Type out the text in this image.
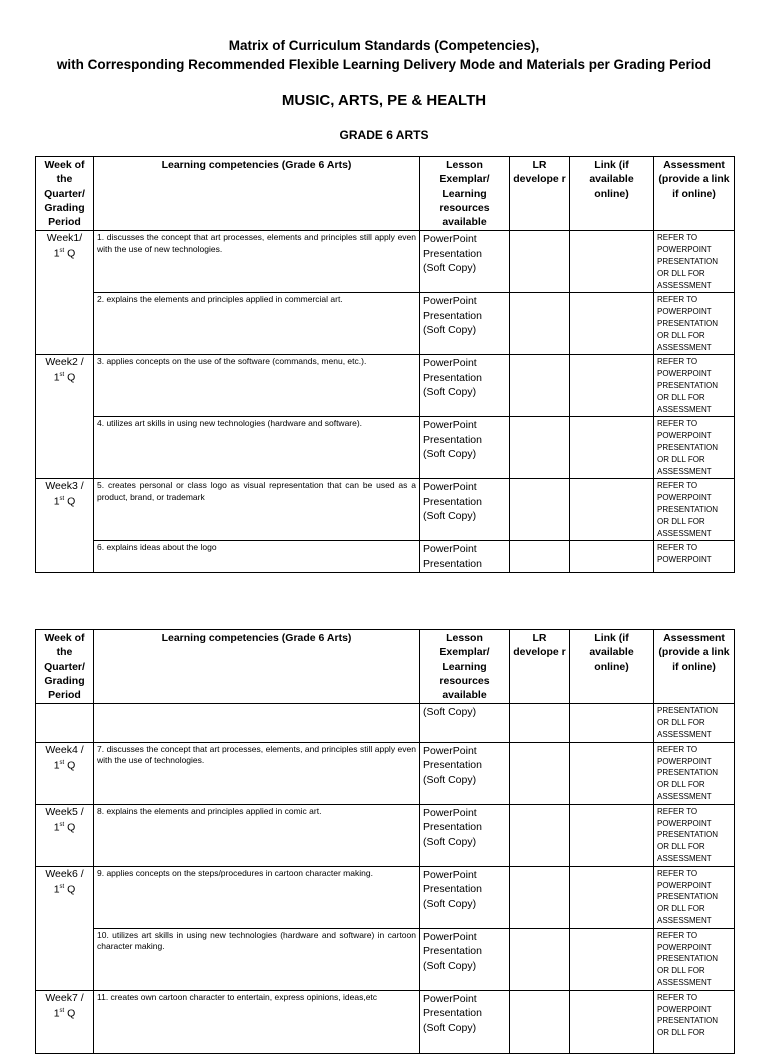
Matrix of Curriculum Standards (Competencies),
with Corresponding Recommended Flexible Learning Delivery Mode and Materials per Grading Period
MUSIC, ARTS, PE & HEALTH
GRADE 6 ARTS
Week of the Quarter/ Grading Period	Learning competencies (Grade 6 Arts)	Lesson Exemplar/ Learning resources available	LR develope r	Link (if available online)	Assessment (provide a link if online)
Week1/
1st Q	1. discusses the concept that art processes, elements and principles still apply even with the use of new technologies.	PowerPoint
Presentation
(Soft Copy)			REFER TO
POWERPOINT
PRESENTATION
OR DLL FOR
ASSESSMENT
	2. explains the elements and principles applied in commercial art.	PowerPoint
Presentation
(Soft Copy)			REFER TO
POWERPOINT
PRESENTATION
OR DLL FOR
ASSESSMENT
Week2 /
1st Q	3. applies concepts on the use of the software (commands, menu, etc.).	PowerPoint
Presentation
(Soft Copy)			REFER TO
POWERPOINT
PRESENTATION
OR DLL FOR
ASSESSMENT
	4. utilizes art skills in using new technologies (hardware and software).	PowerPoint
Presentation
(Soft Copy)			REFER TO
POWERPOINT
PRESENTATION
OR DLL FOR
ASSESSMENT
Week3 /
1st Q	5. creates personal or class logo as visual representation that can be used as a product, brand, or trademark	PowerPoint
Presentation
(Soft Copy)			REFER TO
POWERPOINT
PRESENTATION
OR DLL FOR
ASSESSMENT
	6. explains ideas about the logo	PowerPoint
Presentation			REFER TO
POWERPOINT
Week of the Quarter/ Grading Period	Learning competencies (Grade 6 Arts)	Lesson Exemplar/ Learning resources available	LR develope r	Link (if available online)	Assessment (provide a link if online)
		(Soft Copy)			PRESENTATION
OR DLL FOR
ASSESSMENT
Week4 /
1st Q	7. discusses the concept that art processes, elements, and principles still apply even with the use of technologies.	PowerPoint
Presentation
(Soft Copy)			REFER TO
POWERPOINT
PRESENTATION
OR DLL FOR
ASSESSMENT
Week5 /
1st Q	8. explains the elements and principles applied in comic art.	PowerPoint
Presentation
(Soft Copy)			REFER TO
POWERPOINT
PRESENTATION
OR DLL FOR
ASSESSMENT
Week6 /
1st Q	9. applies concepts on the steps/procedures in cartoon character making.	PowerPoint
Presentation
(Soft Copy)			REFER TO
POWERPOINT
PRESENTATION
OR DLL FOR
ASSESSMENT
	10. utilizes art skills in using new technologies (hardware and software) in cartoon character making.	PowerPoint
Presentation
(Soft Copy)			REFER TO
POWERPOINT
PRESENTATION
OR DLL FOR
ASSESSMENT
Week7 /
1st Q	11. creates own cartoon character to entertain, express opinions, ideas,etc	PowerPoint
Presentation
(Soft Copy)			REFER TO
POWERPOINT
PRESENTATION
OR DLL FOR
